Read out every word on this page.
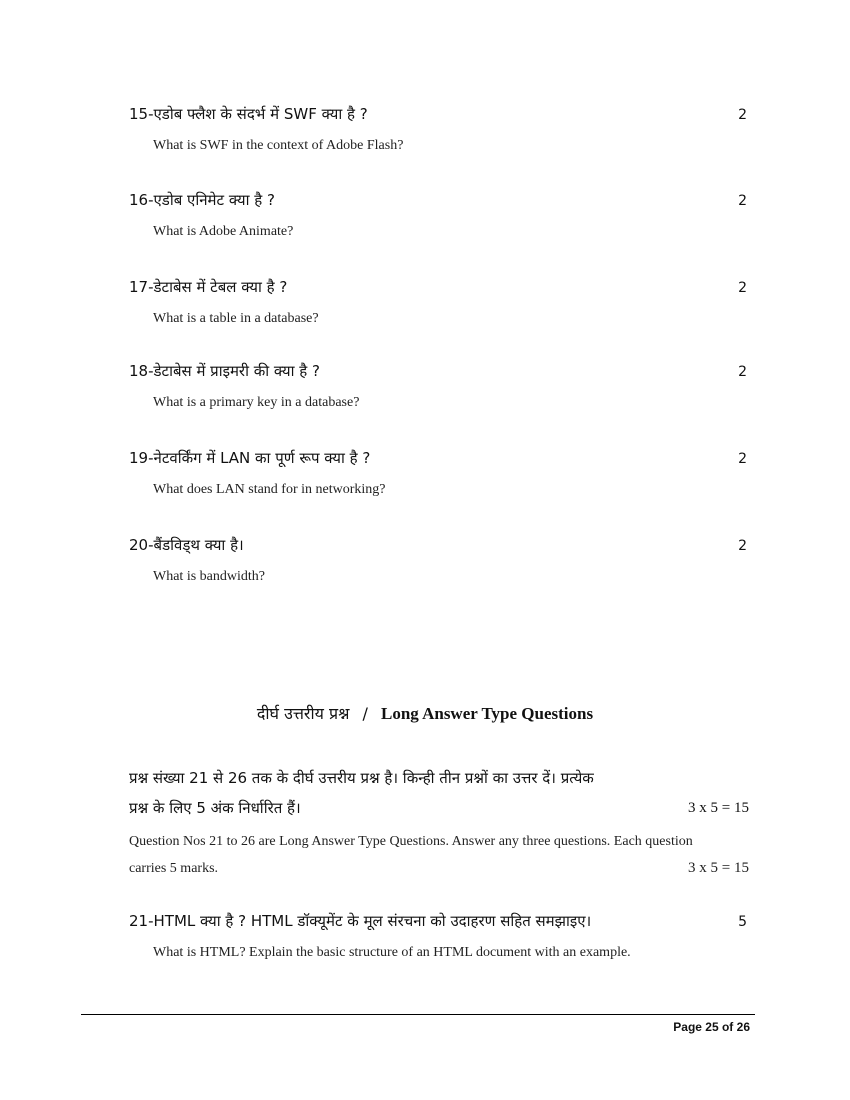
15-एडोब फ्लैश के संदर्भ में SWF क्या है ?	2
What is SWF in the context of Adobe Flash?
16-एडोब एनिमेट क्या है ?	2
What is Adobe Animate?
17-डेटाबेस में टेबल क्या है ?	2
What is a table in a database?
18-डेटाबेस में प्राइमरी की क्या है ?	2
What is a primary key in a database?
19-नेटवर्किंग में LAN का पूर्ण रूप क्या है ?	2
What does LAN stand for in networking?
20-बैंडविड्थ क्या है।	2
What is bandwidth?
दीर्घ उत्तरीय प्रश्न / Long Answer Type Questions
प्रश्न संख्या 21 से 26 तक के दीर्घ उत्तरीय प्रश्न है। किन्ही तीन प्रश्नों का उत्तर दें। प्रत्येक
प्रश्न के लिए 5 अंक निर्धारित हैं।	3 x 5 = 15
Question Nos 21 to 26 are Long Answer Type Questions. Answer any three questions. Each question
carries 5 marks.	3 x 5 = 15
21-HTML क्या है ? HTML डॉक्यूमेंट के मूल संरचना को उदाहरण सहित समझाइए।	5
What is HTML? Explain the basic structure of an HTML document with an example.
Page 25 of 26
